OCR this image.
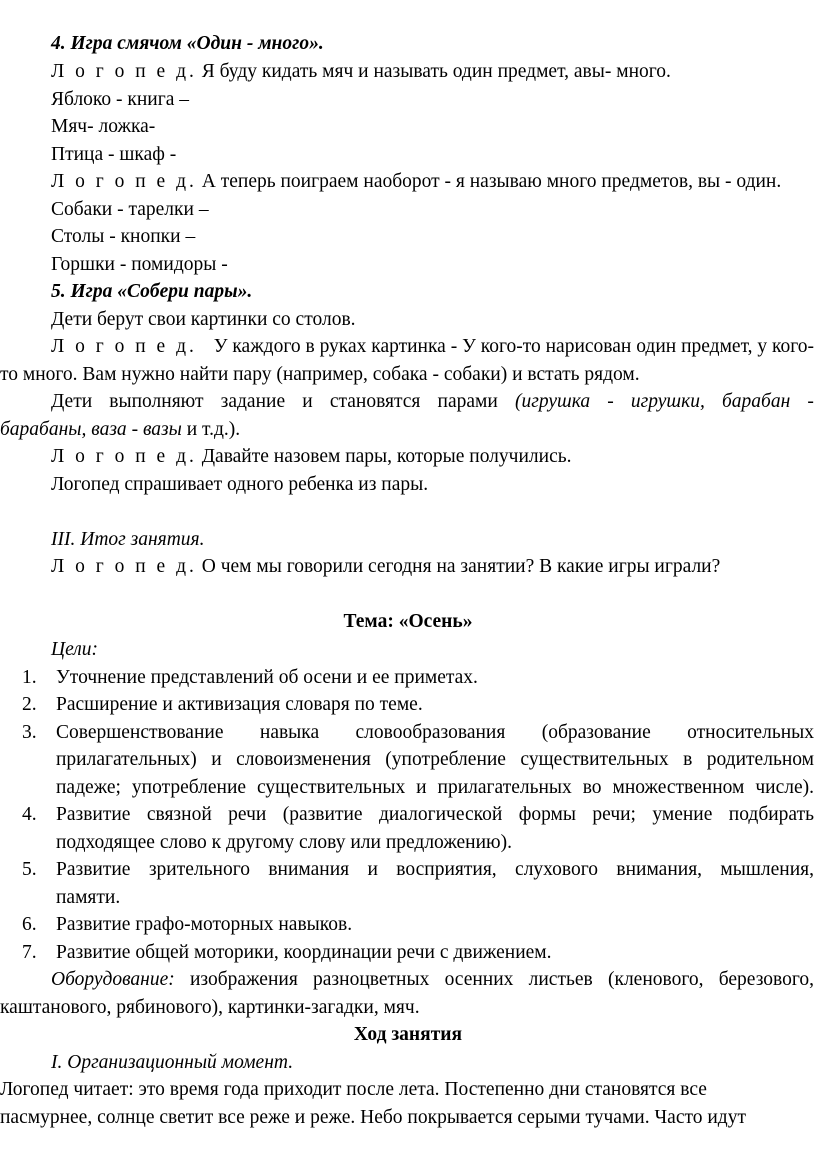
4. Игра смячом «Один - много».
Л о г о п е д. Я буду кидать мяч и называть один предмет, авы- много.
Яблоко - книга –
Мяч- ложка-
Птица - шкаф -
Л о г о п е д. А теперь поиграем наоборот - я называю много предметов, вы - один.
Собаки - тарелки –
Столы - кнопки –
Горшки - помидоры -
5. Игра «Собери пары».
Дети берут свои картинки со столов.
Л о г о п е д. У каждого в руках картинка - У кого-то нарисован один предмет, у кого-
то много. Вам нужно найти пару (например, собака - собаки) и встать рядом.
Дети выполняют задание и становятся парами (игрушка - игрушки, барабан -
барабаны, ваза - вазы и т.д.).
Л о г о п е д. Давайте назовем пары, которые получились.
Логопед спрашивает одного ребенка из пары.
III. Итог занятия.
Л о г о п е д. О чем мы говорили сегодня на занятии? В какие игры играли?
Тема: «Осень»
Цели:
1. Уточнение представлений об осени и ее приметах.
2. Расширение и активизация словаря по теме.
3. Совершенствование навыка словообразования (образование относительных
прилагательных) и словоизменения (употребление существительных в родительном
падеже; употребление существительных и прилагательных во множественном числе).
4. Развитие связной речи (развитие диалогической формы речи; умение подбирать
подходящее слово к другому слову или предложению).
5. Развитие зрительного внимания и восприятия, слухового внимания, мышления,
памяти.
6. Развитие графо-моторных навыков.
7. Развитие общей моторики, координации речи с движением.
Оборудование: изображения разноцветных осенних листьев (кленового, березового,
каштанового, рябинового), картинки-загадки, мяч.
Ход занятия
I. Организационный момент.
Логопед читает: это время года приходит после лета. Постепенно дни становятся все
пасмурнее, солнце светит все реже и реже. Небо покрывается серыми тучами. Часто идут
